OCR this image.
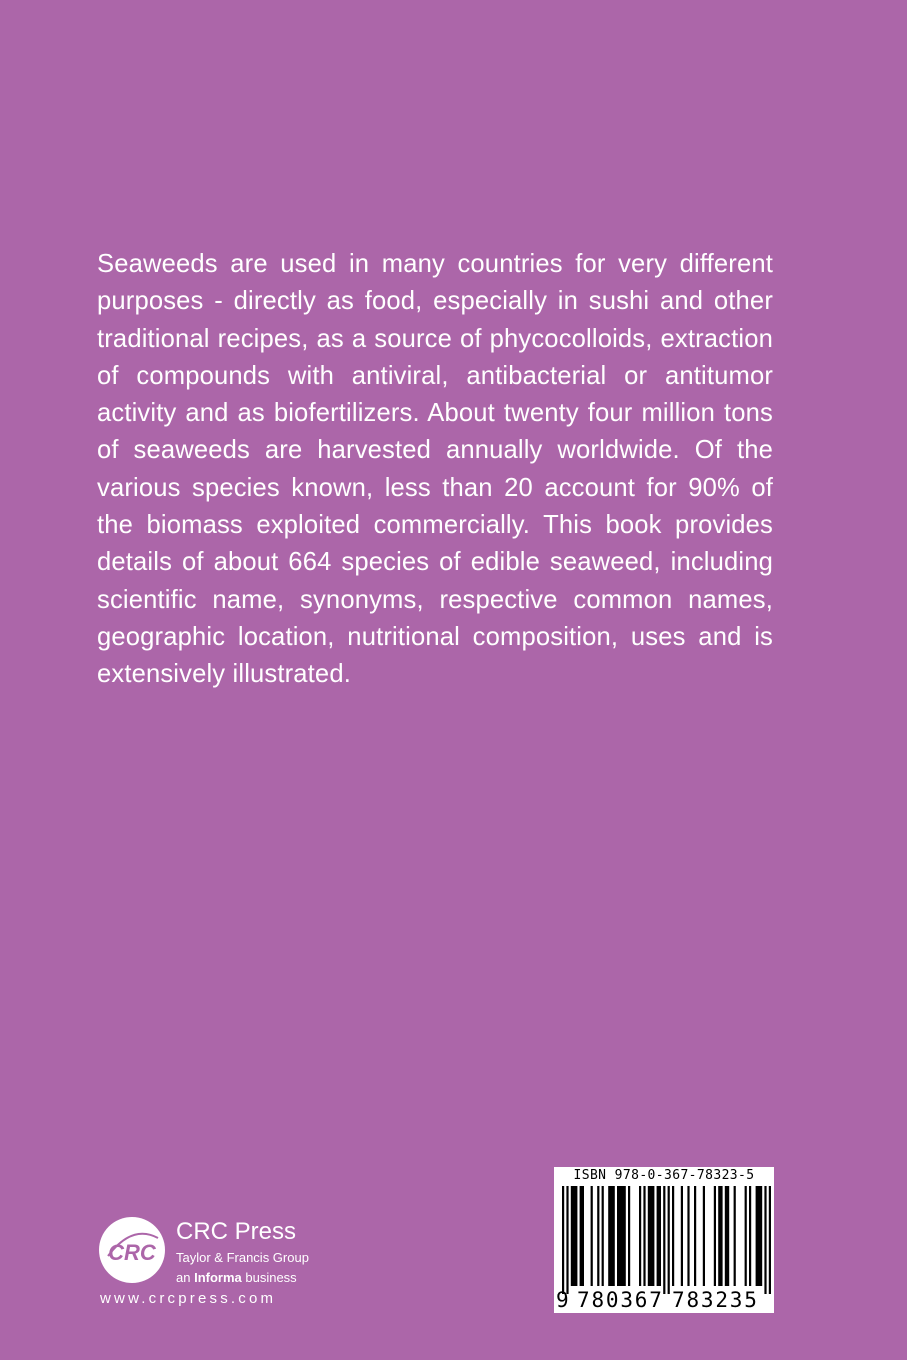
Seaweeds are used in many countries for very different purposes - directly as food, especially in sushi and other traditional recipes, as a source of phycocolloids, extraction of compounds with antiviral, antibacterial or antitumor activity and as biofertilizers. About twenty four million tons of seaweeds are harvested annually worldwide. Of the various species known, less than 20 account for 90% of the biomass exploited commercially. This book provides details of about 664 species of edible seaweed, including scientific name, synonyms, respective common names, geographic location, nutritional composition, uses and is extensively illustrated.

CRC
CRC Press
Taylor & Francis Group
an Informa business
www.crcpress.com
ISBN 978-0-367-78323-5
9 780367 783235
